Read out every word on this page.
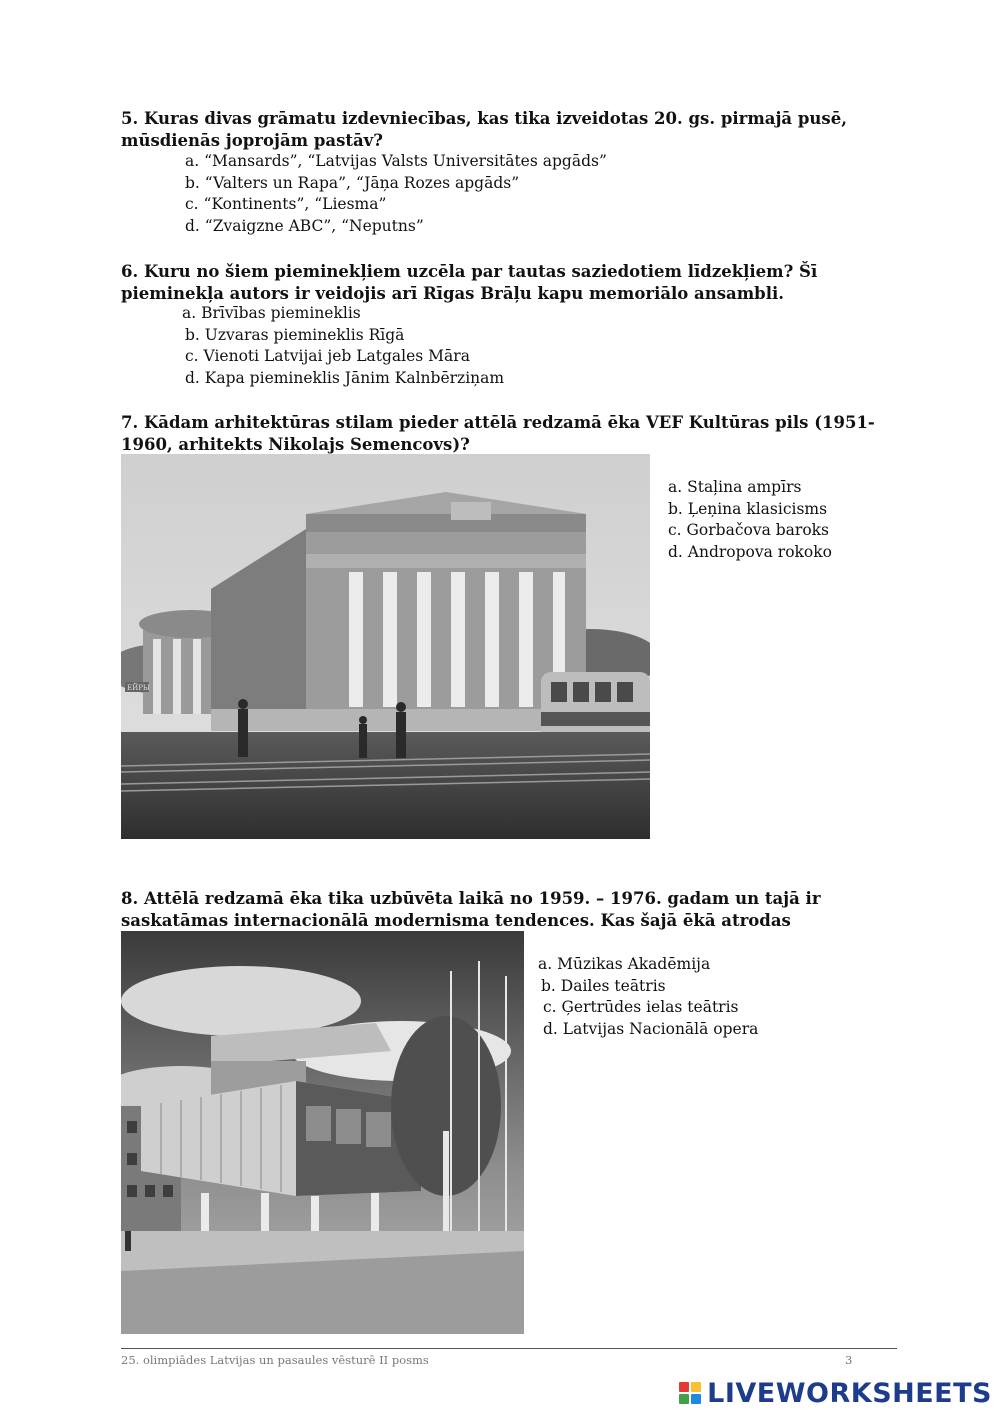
5. Kuras divas grāmatu izdevniecības, kas tika izveidotas 20. gs. pirmajā pusē, mūsdienās joprojām pastāv?

a. “Mansards”, “Latvijas Valsts Universitātes apgāds”
b. “Valters un Rapa”, “Jāņa Rozes apgāds”
c. “Kontinents”, “Liesma”
d. “Zvaigzne ABC”, “Neputns”

6. Kuru no šiem pieminekļiem uzcēla par tautas saziedotiem līdzekļiem? Šī pieminekļa autors ir veidojis arī Rīgas Brāļu kapu memoriālo ansambli.

a. Brīvības piemineklis
b. Uzvaras piemineklis Rīgā
c. Vienoti Latvijai jeb Latgales Māra
d. Kapa piemineklis Jānim Kalnbērziņam

7. Kādam arhitektūras stilam pieder attēlā redzamā ēka VEF Kultūras pils (1951-1960, arhitekts Nikolajs Semencovs)?

ЕЙРЫ
a. Staļina ampīrs
b. Ļeņina klasicisms
c. Gorbačova baroks
d. Andropova rokoko

8. Attēlā redzamā ēka tika uzbūvēta laikā no 1959. – 1976. gadam un tajā ir saskatāmas internacionālā modernisma tendences. Kas šajā ēkā atrodas

a. Mūzikas Akadēmija
b. Dailes teātris
c. Ģertrūdes ielas teātris
d. Latvijas Nacionālā opera
25. olimpiādes Latvijas un pasaules vēsturē II posms	3
LIVEWORKSHEETS
